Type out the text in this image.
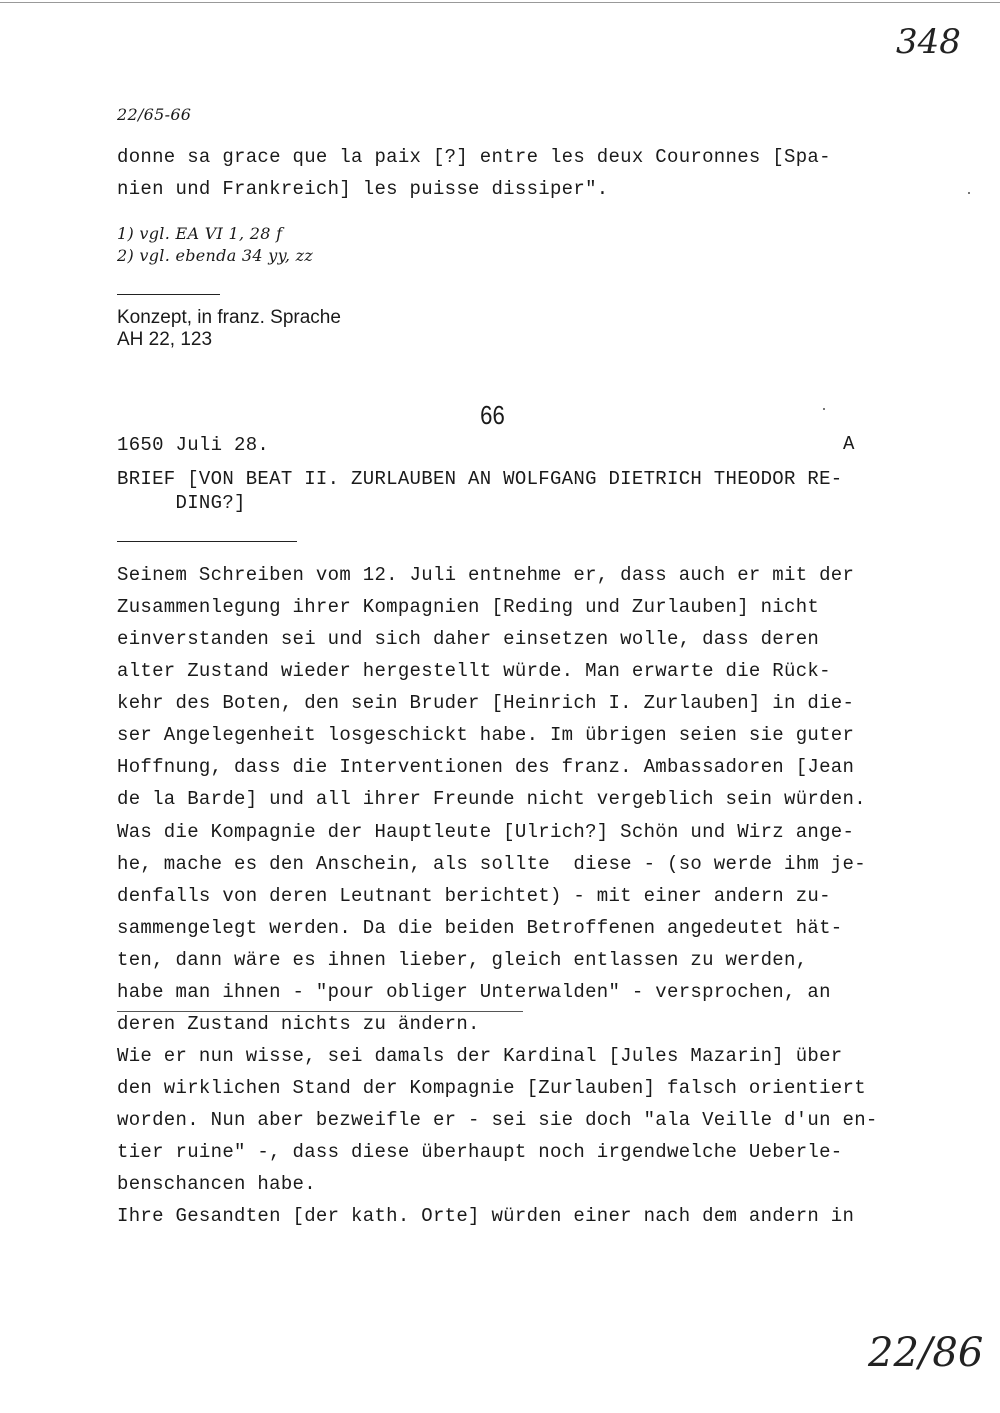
348
22/65-66
donne sa grace que la paix [?] entre les deux Couronnes [Spa-
nien und Frankreich] les puisse dissiper".
1) vgl. EA VI 1, 28 f
2) vgl. ebenda 34 yy, zz
Konzept, in franz. Sprache
AH 22, 123
66
1650 Juli 28.	A
BRIEF [VON BEAT II. ZURLAUBEN AN WOLFGANG DIETRICH THEODOR RE-
DING?]
Seinem Schreiben vom 12. Juli entnehme er, dass auch er mit der
Zusammenlegung ihrer Kompagnien [Reding und Zurlauben] nicht
einverstanden sei und sich daher einsetzen wolle, dass deren
alter Zustand wieder hergestellt würde. Man erwarte die Rück-
kehr des Boten, den sein Bruder [Heinrich I. Zurlauben] in die-
ser Angelegenheit losgeschickt habe. Im übrigen seien sie guter
Hoffnung, dass die Interventionen des franz. Ambassadoren [Jean
de la Barde] und all ihrer Freunde nicht vergeblich sein würden.
Was die Kompagnie der Hauptleute [Ulrich?] Schön und Wirz ange-
he, mache es den Anschein, als sollte  diese - (so werde ihm je-
denfalls von deren Leutnant berichtet) - mit einer andern zu-
sammengelegt werden. Da die beiden Betroffenen angedeutet hät-
ten, dann wäre es ihnen lieber, gleich entlassen zu werden,
habe man ihnen - "pour obliger Unterwalden" - versprochen, an
deren Zustand nichts zu ändern.
Wie er nun wisse, sei damals der Kardinal [Jules Mazarin] über
den wirklichen Stand der Kompagnie [Zurlauben] falsch orientiert
worden. Nun aber bezweifle er - sei sie doch "ala Veille d'un en-
tier ruine" -, dass diese überhaupt noch irgendwelche Ueberle-
benschancen habe.
Ihre Gesandten [der kath. Orte] würden einer nach dem andern in
22/86
